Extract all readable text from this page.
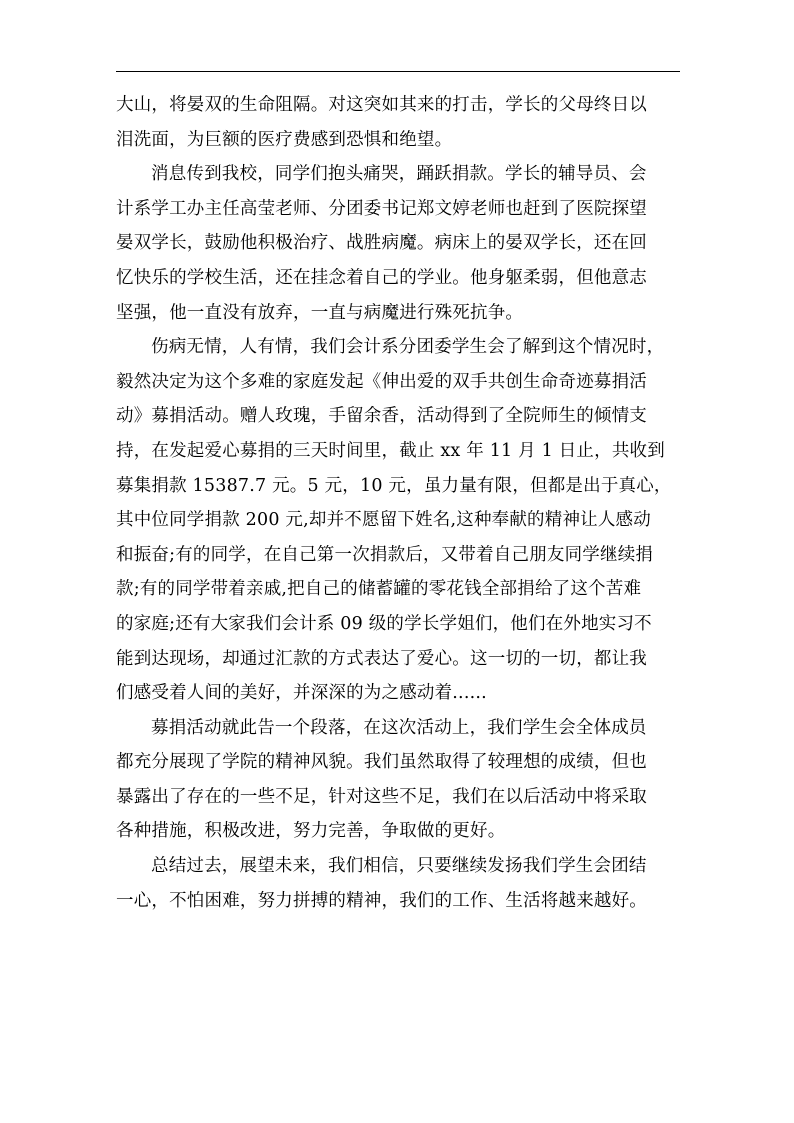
大山，将晏双的生命阻隔。对这突如其来的打击，学长的父母终日以
泪洗面，为巨额的医疗费感到恐惧和绝望。
消息传到我校，同学们抱头痛哭，踊跃捐款。学长的辅导员、会
计系学工办主任高莹老师、分团委书记郑文婷老师也赶到了医院探望
晏双学长，鼓励他积极治疗、战胜病魔。病床上的晏双学长，还在回
忆快乐的学校生活，还在挂念着自己的学业。他身躯柔弱，但他意志
坚强，他一直没有放弃，一直与病魔进行殊死抗争。
伤病无情，人有情，我们会计系分团委学生会了解到这个情况时，
毅然决定为这个多难的家庭发起《伸出爱的双手共创生命奇迹募捐活
动》募捐活动。赠人玫瑰，手留余香，活动得到了全院师生的倾情支
持，在发起爱心募捐的三天时间里，截止 xx 年 11 月 1 日止，共收到
募集捐款 15387.7 元。5 元，10 元，虽力量有限，但都是出于真心，
其中位同学捐款 200 元,却并不愿留下姓名,这种奉献的精神让人感动
和振奋;有的同学，在自己第一次捐款后，又带着自己朋友同学继续捐
款;有的同学带着亲戚,把自己的储蓄罐的零花钱全部捐给了这个苦难
的家庭;还有大家我们会计系 09 级的学长学姐们，他们在外地实习不
能到达现场，却通过汇款的方式表达了爱心。这一切的一切，都让我
们感受着人间的美好，并深深的为之感动着......
募捐活动就此告一个段落，在这次活动上，我们学生会全体成员
都充分展现了学院的精神风貌。我们虽然取得了较理想的成绩，但也
暴露出了存在的一些不足，针对这些不足，我们在以后活动中将采取
各种措施，积极改进，努力完善，争取做的更好。
总结过去，展望未来，我们相信，只要继续发扬我们学生会团结
一心，不怕困难，努力拼搏的精神，我们的工作、生活将越来越好。
